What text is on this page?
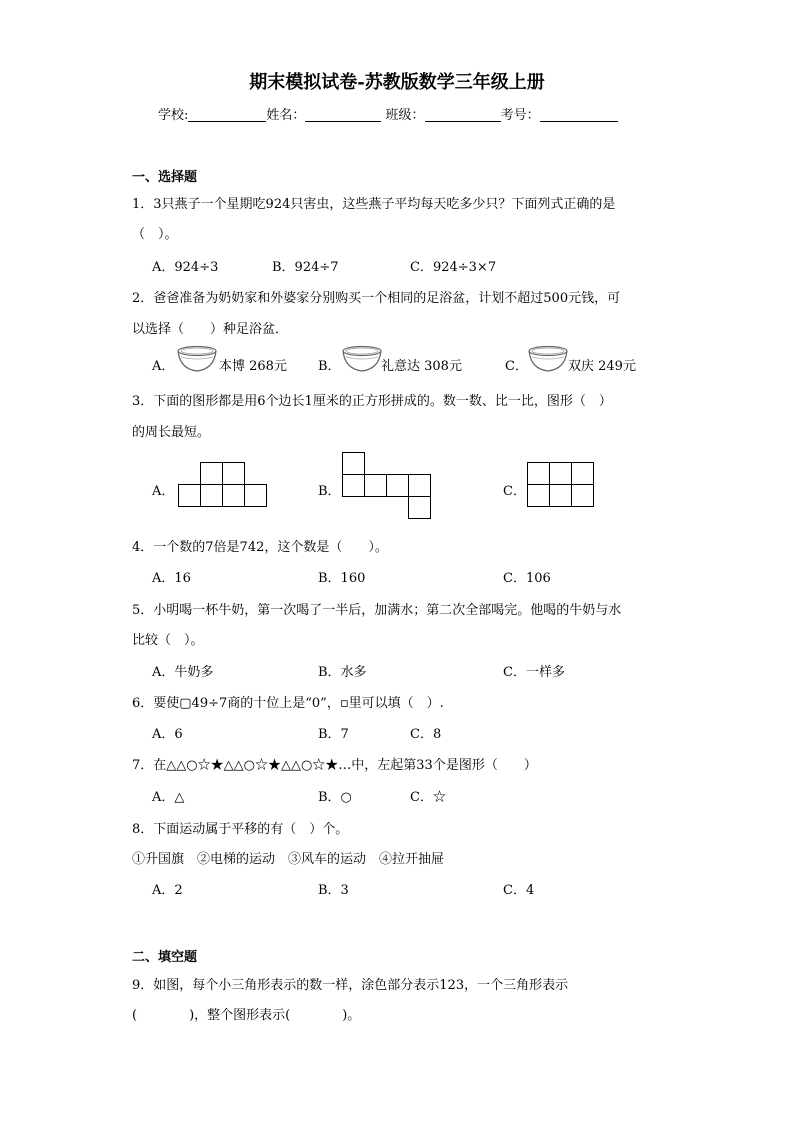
期末模拟试卷-苏教版数学三年级上册
学校:	姓名：	班级：	考号：
一、选择题
1．3只燕子一个星期吃924只害虫，这些燕子平均每天吃多少只？下面列式正确的是
（　）。
A．924÷3	B．924÷7	C．924÷3×7
2．爸爸准备为奶奶家和外婆家分别购买一个相同的足浴盆，计划不超过500元钱，可
以选择（　　）种足浴盆．
A．	本博 268元 B．	礼意达 308元	C．	双庆 249元
3．下面的图形都是用6个边长1厘米的正方形拼成的。数一数、比一比，图形（　）
的周长最短。
A．	B．	C．
4．一个数的7倍是742，这个数是（　　）。
A．16	B．160	C．106
5．小明喝一杯牛奶，第一次喝了一半后，加满水；第二次全部喝完。他喝的牛奶与水
比较（　）。
A．牛奶多	B．水多	C．一样多
6．要使▢49÷7商的十位上是“0”，▫里可以填（　）.
A．6	B．7	C．8
7．在△△○☆★△△○☆★△△○☆★…中，左起第33个是图形（　　）
A．△	B．○	C．☆
8．下面运动属于平移的有（　）个。
①升国旗　②电梯的运动　③风车的运动　④拉开抽屉
A．2	B．3	C．4
二、填空题
9．如图，每个小三角形表示的数一样，涂色部分表示123，一个三角形表示
(　　　　)，整个图形表示(　　　　)。
